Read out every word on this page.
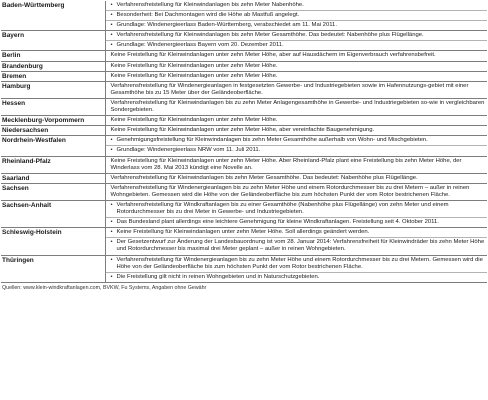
Baden-Württemberg	• Verfahrensfreistellung für Kleinwindanlagen bis zehn Meter Nabenhöhe.
• Besonderheit: Bei Dachmontagen wird die Höhe ab Mastfuß angelegt.
• Grundlage: Windenergieerlass Baden-Württemberg, verabschiedet am 11. Mai 2011.

Bayern	• Verfahrensfreistellung für Kleinwindanlagen bis zehn Meter Gesamthöhe. Das bedeutet: Nabenhöhe plus Flügellänge.
• Grundlage: Windenergieerlass Bayern vom 20. Dezember 2011.

Berlin	Keine Freistellung für Kleinwindanlagen unter zehn Meter Höhe, aber auf Hausdächern im Eigenverbrauch verfahrensbefreit.

Brandenburg	Keine Freistellung für Kleinwindanlagen unter zehn Meter Höhe.

Bremen	Keine Freistellung für Kleinwindanlagen unter zehn Meter Höhe.

Hamburg	Verfahrensfreistellung für Windenergieanlagen in festgesetzten Gewerbe- und Industriegebieten sowie im Hafennutzungs-gebiet mit einer Gesamthöhe bis zu 15 Meter über der Geländeoberfläche.

Hessen	Verfahrensfreistellung für Kleinwindanlagen bis zu zehn Meter Anlagengesamthöhe in Gewerbe- und Industriegebieten so-wie in vergleichbaren Sondergebieten.

Mecklenburg-Vorpommern	Keine Freistellung für Kleinwindanlagen unter zehn Meter Höhe.

Niedersachsen	Keine Freistellung für Kleinwindanlagen unter zehn Meter Höhe, aber vereinfachte Baugenehmigung.

Nordrhein-Westfalen	• Genehmigungsfreistellung für Kleinwindanlagen bis zehn Meter Gesamthöhe außerhalb von Wohn- und Mischgebieten.
• Grundlage: Windenergieerlass NRW vom 11. Juli 2011.

Rheinland-Pfalz	Keine Freistellung für Kleinwindanlagen unter zehn Meter Höhe. Aber Rheinland-Pfalz plant eine Freistellung bis zehn Meter Höhe, der Winderlass vom 28. Mai 2013 kündigt eine Novelle an.

Saarland	Verfahrensfreistellung für Kleinwindanlagen bis zehn Meter Gesamthöhe. Das bedeutet: Nabenhöhe plus Flügellänge.

Sachsen	Verfahrensfreistellung für Windenergieanlagen bis zu zehn Meter Höhe und einem Rotordurchmesser bis zu drei Metern – außer in reinen Wohngebieten. Gemessen wird die Höhe von der Geländeoberfläche bis zum höchsten Punkt der vom Rotor bestrichenen Fläche.

Sachsen-Anhalt	• Verfahrensfreistellung für Windkraftanlagen bis zu einer Gesamthöhe (Nabenhöhe plus Flügellänge) von zehn Meter und einem Rotordurchmesser bis zu drei Meter in Gewerbe- und Industriegebieten.
• Das Bundesland plant allerdings eine leichtere Genehmigung für kleine Windkraftanlagen. Freistellung seit 4. Oktober 2011.

Schleswig-Holstein	• Keine Freistellung für Kleinwindanlagen unter zehn Meter Höhe. Soll allerdings geändert werden.
• Der Gesetzentwurf zur Änderung der Landesbauordnung ist vom 28. Januar 2014: Verfahrensfreiheit für Kleinwindräder bis zehn Meter Höhe und Rotordurchmesser bis maximal drei Meter geplant – außer in reinen Wohngebieten.

Thüringen	• Verfahrensfreistellung für Windenergieanlagen bis zu zehn Meter Höhe und einem Rotordurchmesser bis zu drei Metern. Gemessen wird die Höhe von der Geländeoberfläche bis zum höchsten Punkt der vom Rotor bestrichenen Fläche.
• Die Freistellung gilt nicht in reinen Wohngebieten und in Naturschutzgebieten.
Quellen: www.klein-windkraftanlagen.com, BVKW, Fu Systems, Angaben ohne Gewähr
